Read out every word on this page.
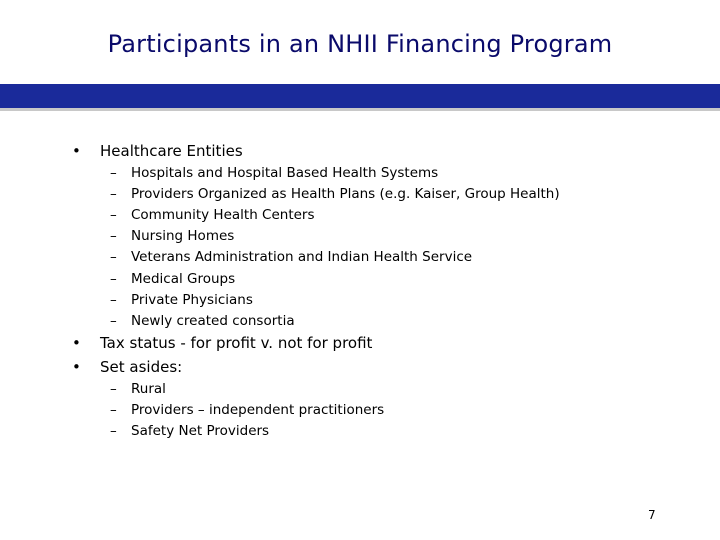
Participants in an NHII Financing Program
• Healthcare Entities
– Hospitals and Hospital Based Health Systems
– Providers Organized as Health Plans (e.g. Kaiser, Group Health)
– Community Health Centers
– Nursing Homes
– Veterans Administration and Indian Health Service
– Medical Groups
– Private Physicians
– Newly created consortia
• Tax status - for profit v. not for profit
• Set asides:
– Rural
– Providers – independent practitioners
– Safety Net Providers
7
